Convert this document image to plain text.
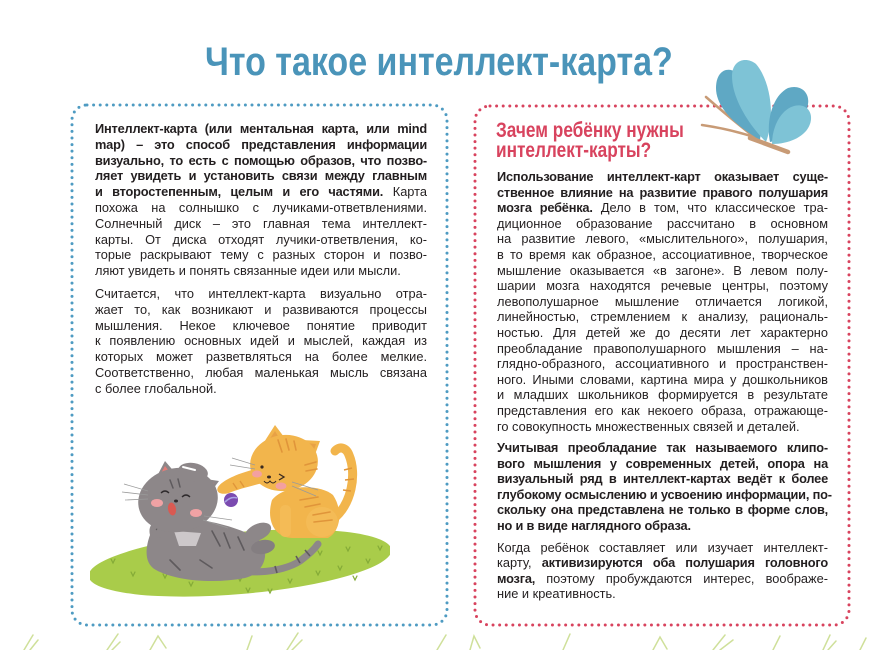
Что такое интеллект-карта?
Интеллект-карта (или ментальная карта, или mind
map) – это способ представления информации
визуально, то есть с помощью образов, что позво-
ляет увидеть и установить связи между главным
и второстепенным, целым и его частями. Карта
похожа на солнышко с лучиками-ответвлениями.
Солнечный диск – это главная тема интеллект-
карты. От диска отходят лучики-ответвления, ко-
торые раскрывают тему с разных сторон и позво-
ляют увидеть и понять связанные идеи или мысли.
Считается, что интеллект-карта визуально отра-
жает то, как возникают и развиваются процессы
мышления. Некое ключевое понятие приводит
к появлению основных идей и мыслей, каждая из
которых может разветвляться на более мелкие.
Соответственно, любая маленькая мысль связана
с более глобальной.
Зачем ребёнку нужны
интеллект-карты?
Использование интеллект-карт оказывает суще-
ственное влияние на развитие правого полушария
мозга ребёнка. Дело в том, что классическое тра-
диционное образование рассчитано в основном
на развитие левого, «мыслительного», полушария,
в то время как образное, ассоциативное, творческое
мышление оказывается «в загоне». В левом полу-
шарии мозга находятся речевые центры, поэтому
левополушарное мышление отличается логикой,
линейностью, стремлением к анализу, рациональ-
ностью. Для детей же до десяти лет характерно
преобладание правополушарного мышления – на-
глядно-образного, ассоциативного и пространствен-
ного. Иными словами, картина мира у дошкольников
и младших школьников формируется в результате
представления его как некоего образа, отражающе-
го совокупность множественных связей и деталей.
Учитывая преобладание так называемого клипо-
вого мышления у современных детей, опора на
визуальный ряд в интеллект-картах ведёт к более
глубокому осмыслению и усвоению информации, по-
скольку она представлена не только в форме слов,
но и в виде наглядного образа.
Когда ребёнок составляет или изучает интеллект-
карту, активизируются оба полушария головного
мозга, поэтому пробуждаются интерес, воображе-
ние и креативность.
